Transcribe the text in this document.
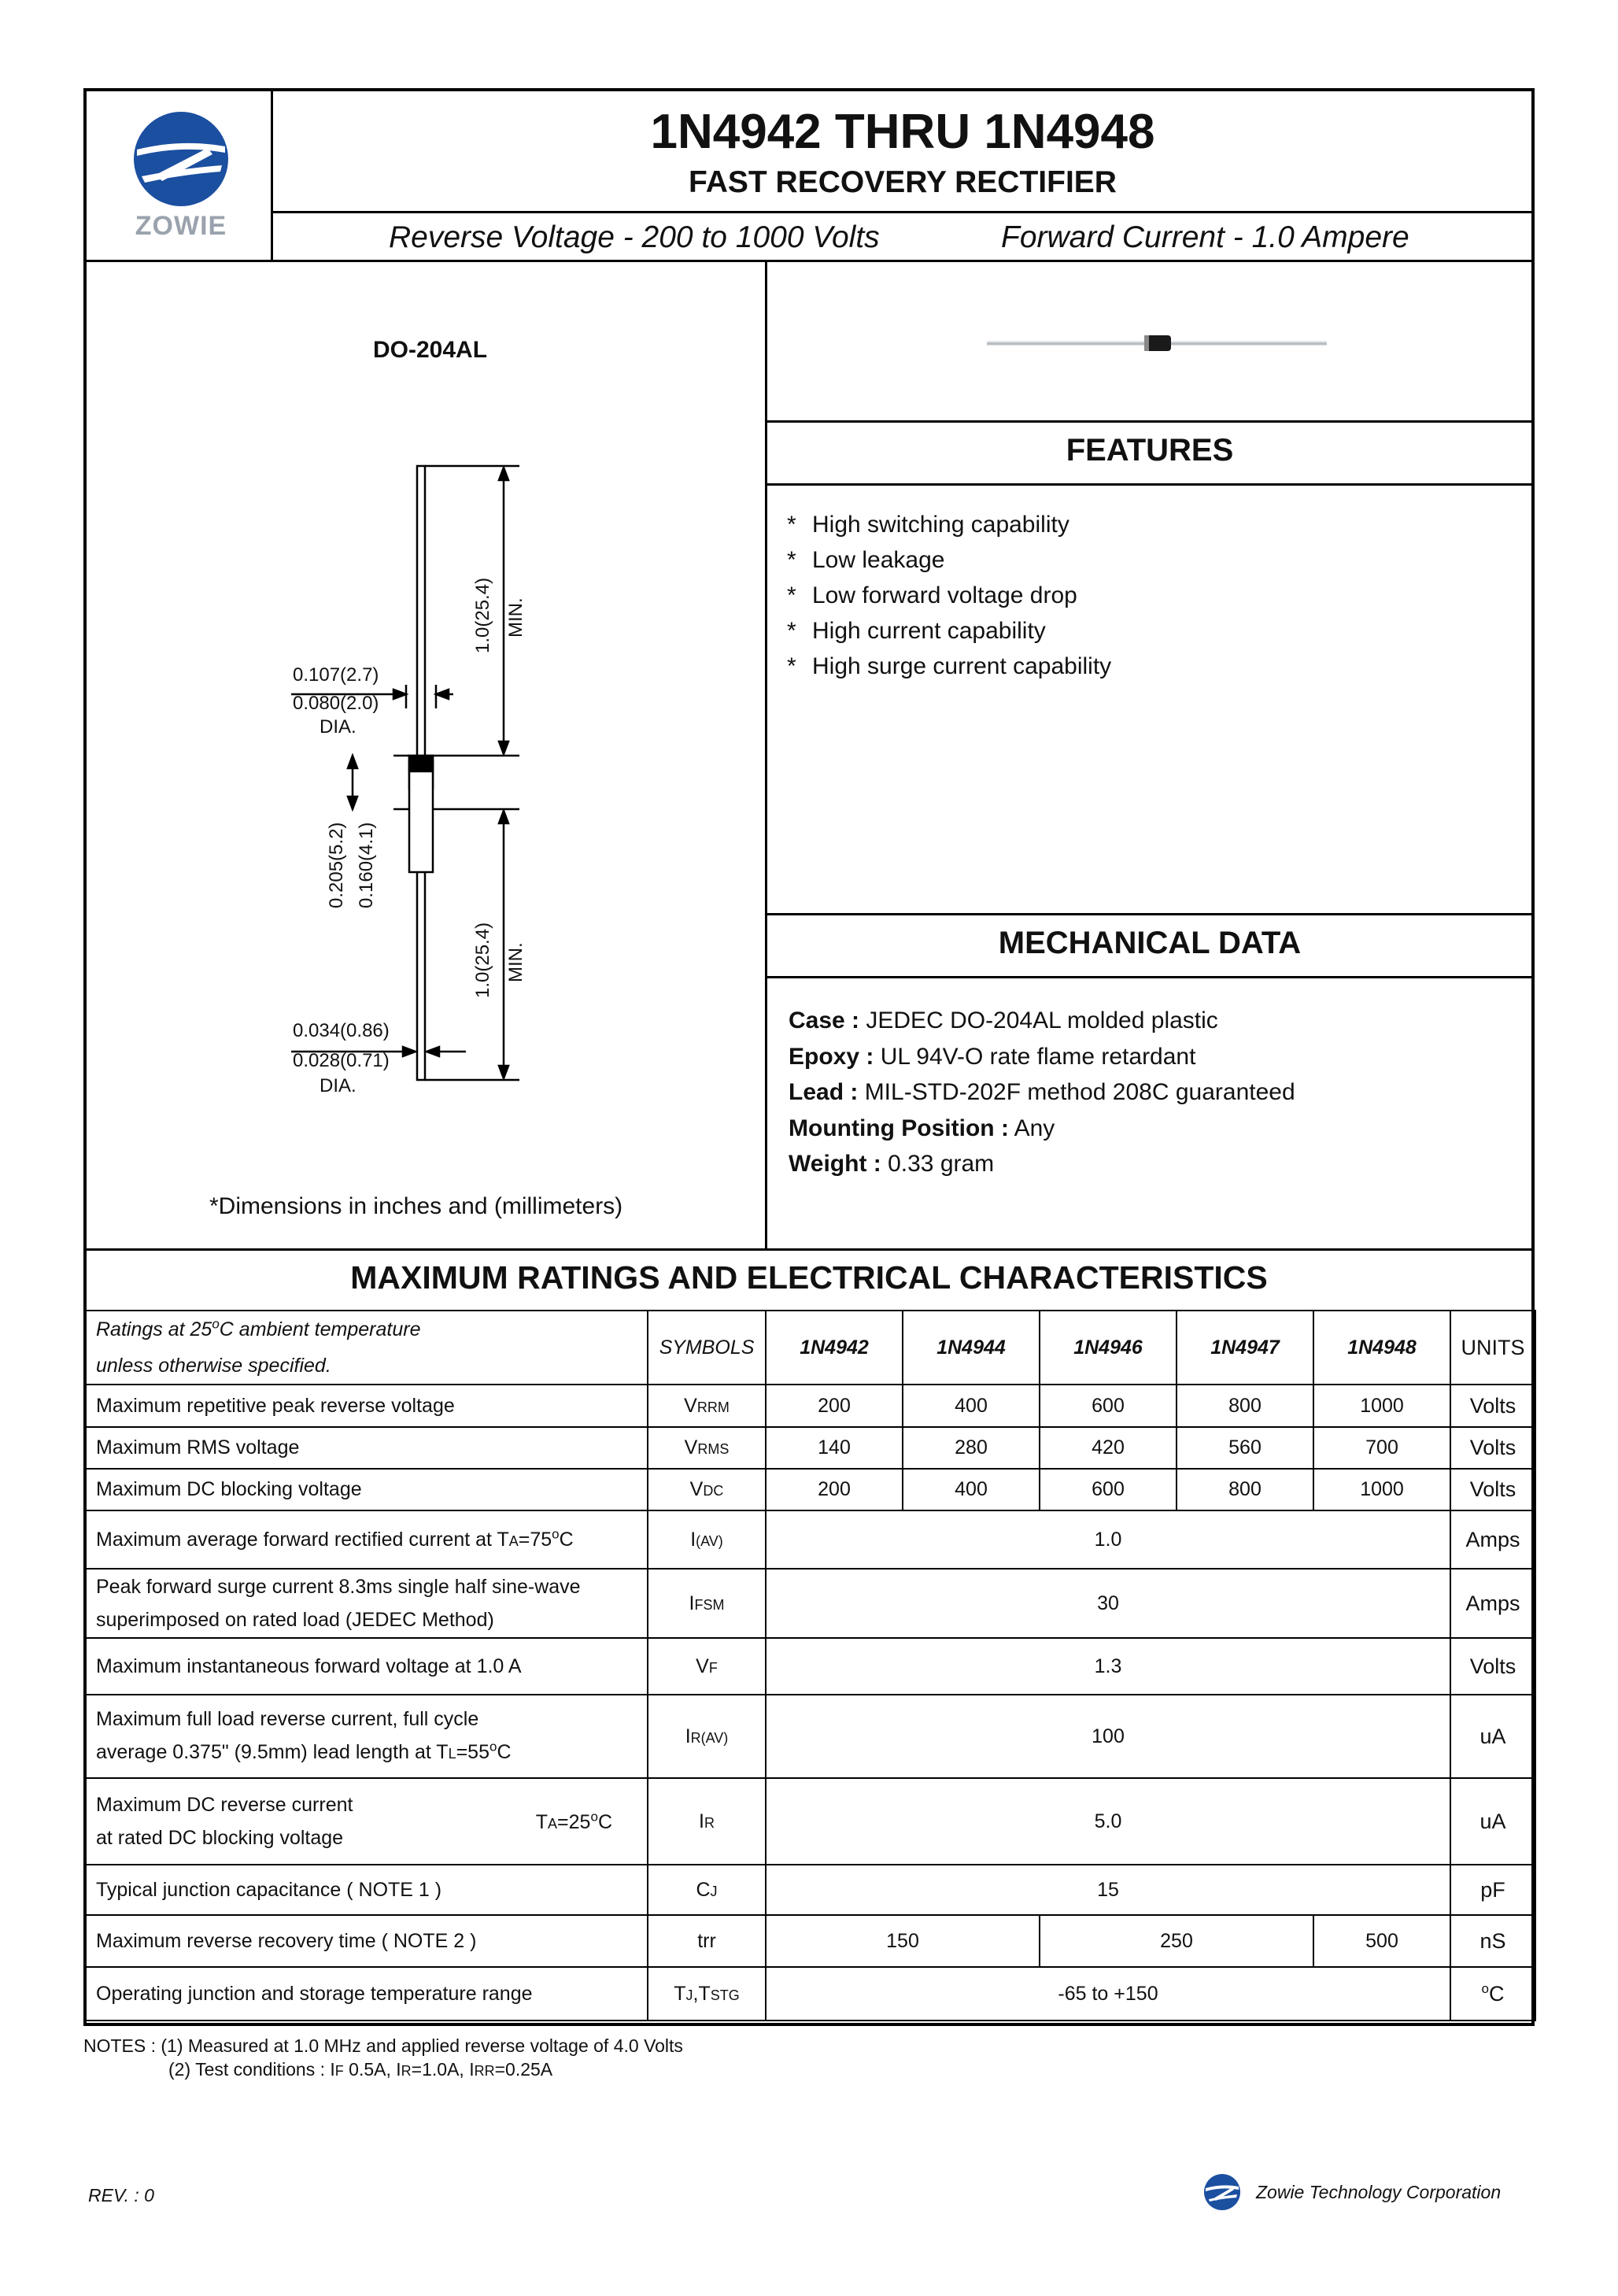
ZOWIE
1N4942 THRU 1N4948
FAST RECOVERY RECTIFIER
Reverse Voltage - 200 to 1000 Volts	Forward Current - 1.0 Ampere
DO-204AL
1.0(25.4) MIN.
0.107(2.7)
0.080(2.0)
DIA.
0.205(5.2) 0.160(4.1)
1.0(25.4) MIN.
0.034(0.86)
0.028(0.71)
DIA.
*Dimensions in inches and (millimeters)
FEATURES
* High switching capability
* Low leakage
* Low forward voltage drop
* High current capability
* High surge current capability
MECHANICAL DATA
Case : JEDEC DO-204AL molded plastic
Epoxy : UL 94V-O rate flame retardant
Lead : MIL-STD-202F method 208C guaranteed
Mounting Position : Any
Weight : 0.33 gram
MAXIMUM RATINGS AND ELECTRICAL CHARACTERISTICS
Ratings at 25$^o$C ambient temperature
unless otherwise specified.	SYMBOLS	1N4942	1N4944	1N4946	1N4947	1N4948	UNITS
Maximum repetitive peak reverse voltage	VRRM	200	400	600	800	1000	Volts
Maximum RMS voltage	VRMS	140	280	420	560	700	Volts
Maximum DC blocking voltage	VDC	200	400	600	800	1000	Volts
Maximum average forward rectified current at $TA=75^oC$	I(AV)	1.0					Amps
Peak forward surge current 8.3ms single half sine-wave
superimposed on rated load (JEDEC Method)	IFSM	30					Amps
Maximum instantaneous forward voltage at 1.0 A	VF	1.3					Volts
Maximum full load reverse current, full cycle
average 0.375" (9.5mm) lead length at $TL=55^oC$	IR(AV)	100					uA
Maximum DC reverse current
at rated DC blocking voltage
$TA=25^oC$	IR	5.0					uA
Typical junction capacitance ( NOTE 1 )	CJ	15					pF
Maximum reverse recovery time ( NOTE 2 )	trr	150		250		500	nS
Operating junction and storage temperature range	TJ,TSTG	-65 to +150					$^o$C
NOTES : (1) Measured at 1.0 MHz and applied reverse voltage of 4.0 Volts
(2) Test conditions : IF 0.5A, IR=1.0A, IRR=0.25A
REV. : 0	Zowie Technology Corporation
